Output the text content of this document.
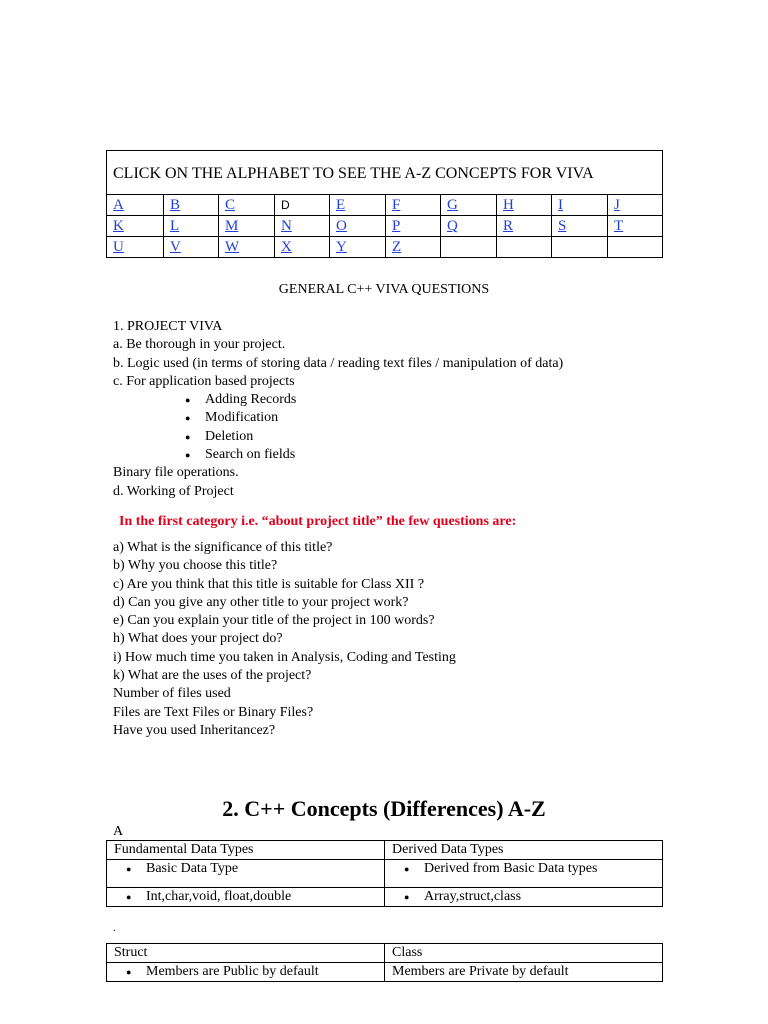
CLICK ON THE ALPHABET TO SEE THE A-Z CONCEPTS FOR VIVA									
A	B	C	D	E	F	G	H	I	J
K	L	M	N	O	P	Q	R	S	T
U	V	W	X	Y	Z				
GENERAL C++ VIVA QUESTIONS

1. PROJECT VIVA

a. Be thorough in your project.

b. Logic used (in terms of storing data / reading text files / manipulation of data)

c. For application based projects

● Adding Records
● Modification
● Deletion
● Search on fields

Binary file operations.

d. Working of Project

In the first category i.e. “about project title” the few questions are:

a) What is the significance of this title?

b) Why you choose this title?

c) Are you think that this title is suitable for Class XII ?

d) Can you give any other title to your project work?

e) Can you explain your title of the project in 100 words?

h) What does your project do?

i) How much time you taken in Analysis, Coding and Testing

k) What are the uses of the project?

Number of files used

Files are Text Files or Binary Files?

Have you used Inheritancez?

2. C++ Concepts (Differences) A-Z
A
Fundamental Data Types	Derived Data Types

● Basic Data Type	● Derived from Basic Data types

● Int,char,void, float,double	● Array,struct,class
.
Struct	Class

● Members are Public by default	Members are Private by default
